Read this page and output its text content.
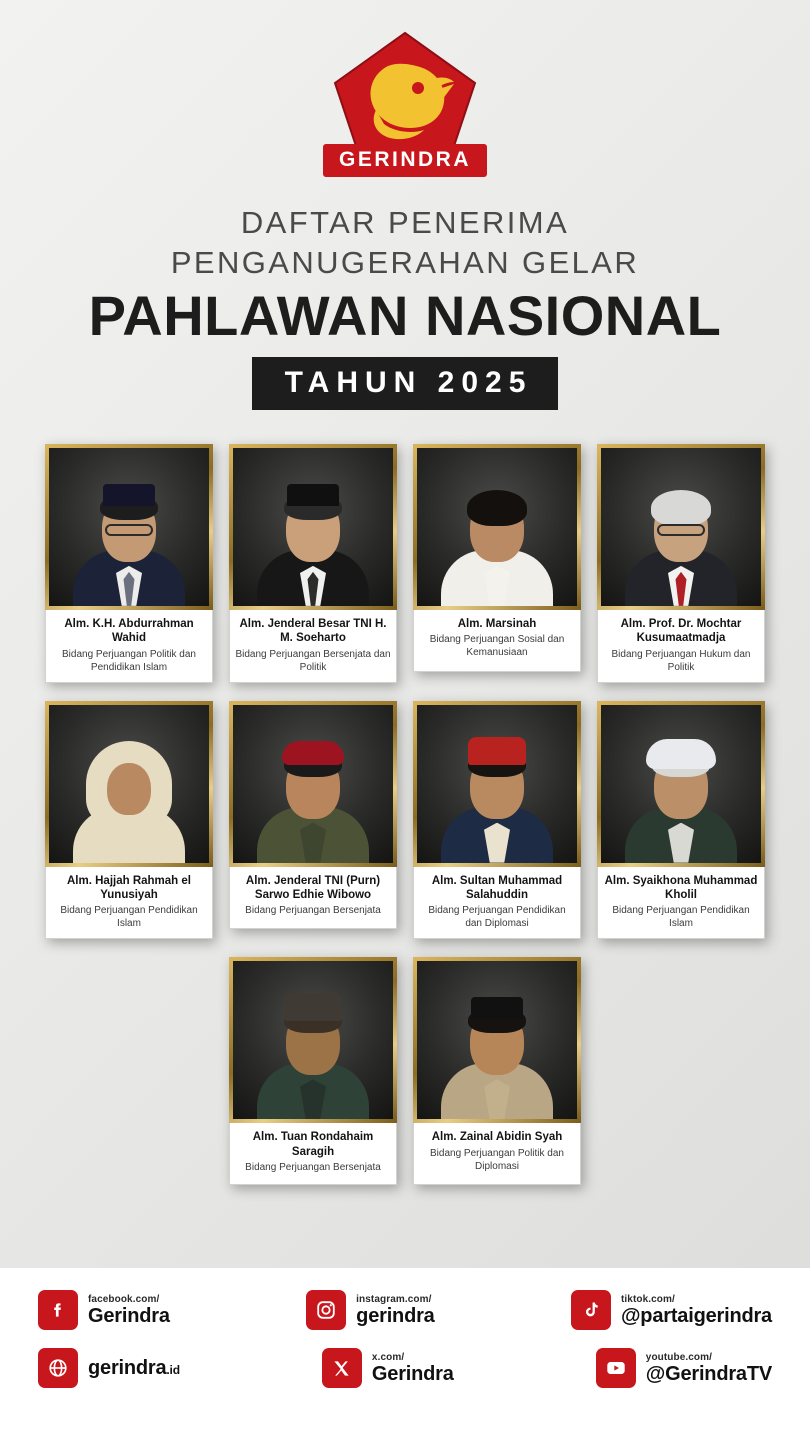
GERINDRA
DAFTAR PENERIMA
PENGANUGERAHAN GELAR
PAHLAWAN NASIONAL
TAHUN 2025
Alm. K.H. Abdurrahman Wahid
Bidang Perjuangan Politik dan Pendidikan Islam
Alm. Jenderal Besar TNI H. M. Soeharto
Bidang Perjuangan Bersenjata dan Politik
Alm. Marsinah
Bidang Perjuangan Sosial dan Kemanusiaan
Alm. Prof. Dr. Mochtar Kusumaatmadja
Bidang Perjuangan Hukum dan Politik
Alm. Hajjah Rahmah el Yunusiyah
Bidang Perjuangan Pendidikan Islam
Alm. Jenderal TNI (Purn) Sarwo Edhie Wibowo
Bidang Perjuangan Bersenjata
Alm. Sultan Muhammad Salahuddin
Bidang Perjuangan Pendidikan dan Diplomasi
Alm. Syaikhona Muhammad Kholil
Bidang Perjuangan Pendidikan Islam
Alm. Tuan Rondahaim Saragih
Bidang Perjuangan Bersenjata
Alm. Zainal Abidin Syah
Bidang Perjuangan Politik dan Diplomasi
facebook.com/
Gerindra
instagram.com/
gerindra
tiktok.com/
@partaigerindra
gerindra.id
x.com/
Gerindra
youtube.com/
@GerindraTV
